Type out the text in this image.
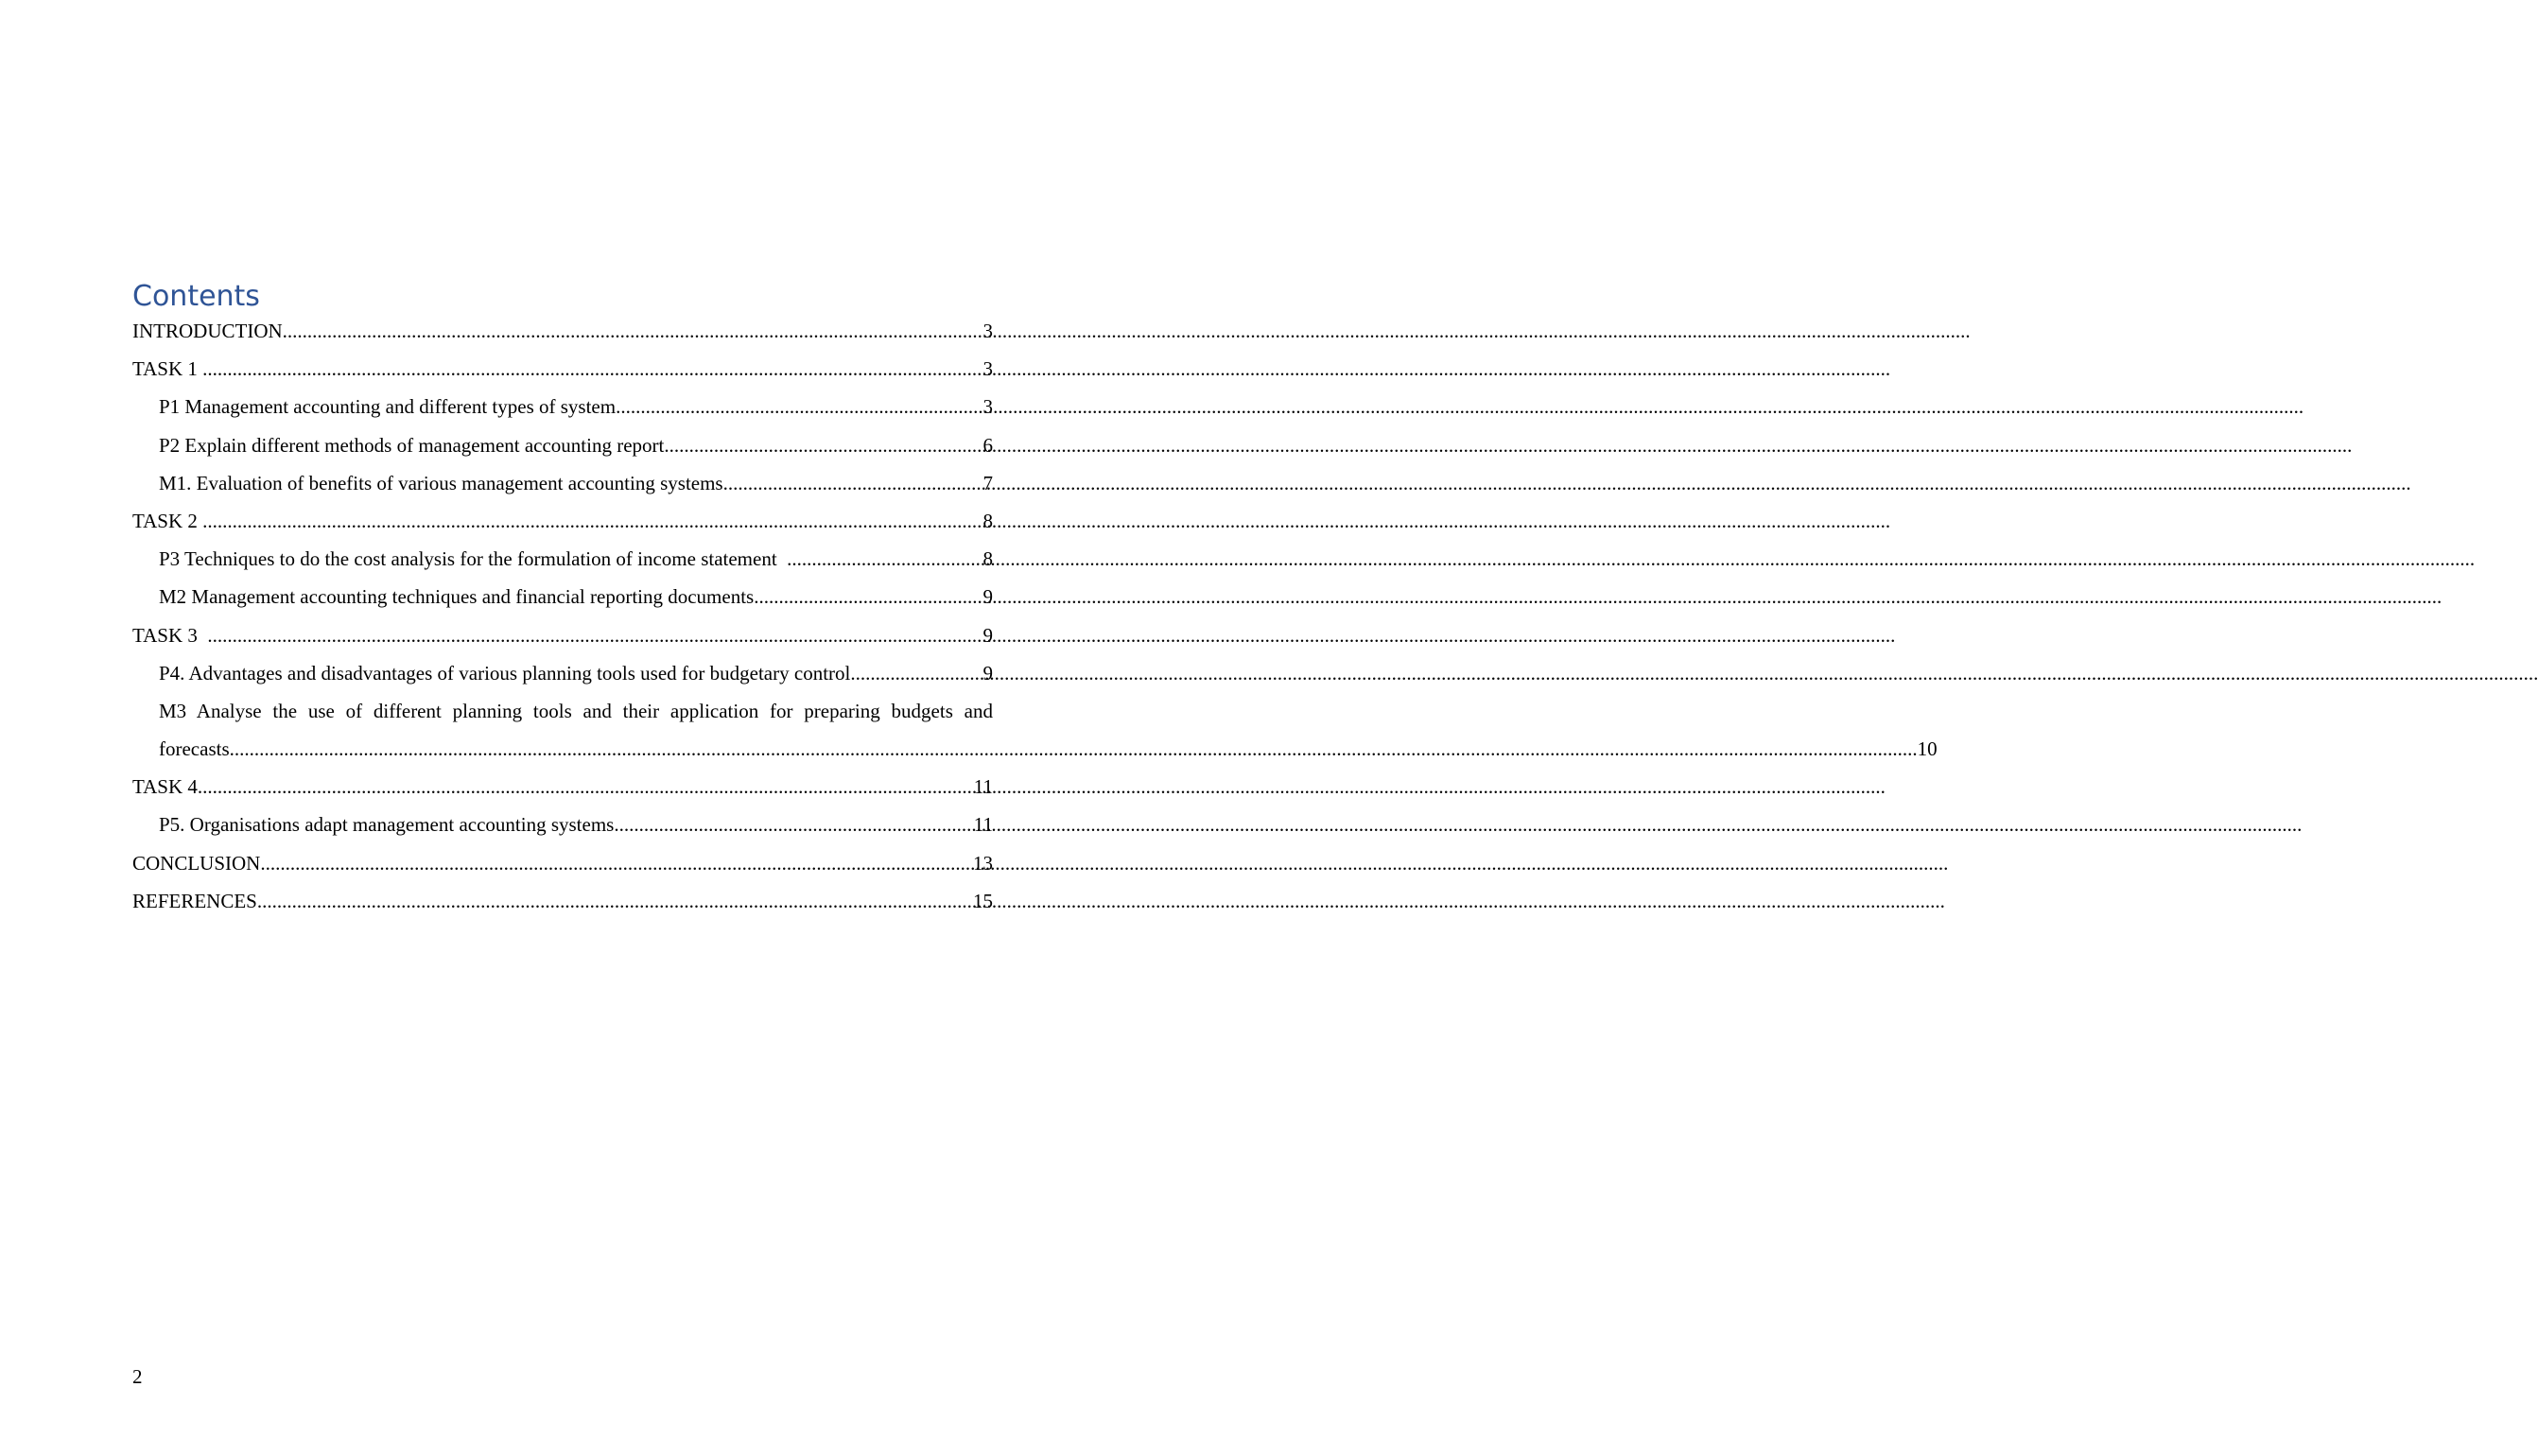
Contents
INTRODUCTION .....	3
TASK 1 .....	3
P1 Management accounting and different types of system .....	3
P2 Explain different methods of management accounting report .....	6
M1. Evaluation of benefits of various management accounting systems .....	7
TASK 2 .....	8
P3 Techniques to do the cost analysis for the formulation of income statement .....	8
M2 Management accounting techniques and financial reporting documents .....	9
TASK 3 .....	9
P4. Advantages and disadvantages of various planning tools used for budgetary control .....	9
M3 Analyse the use of different planning tools and their application for preparing budgets and
forecasts .....	10
TASK 4 .....	11
P5. Organisations adapt management accounting systems .....	11
CONCLUSION .....	13
REFERENCES .....	15
2
